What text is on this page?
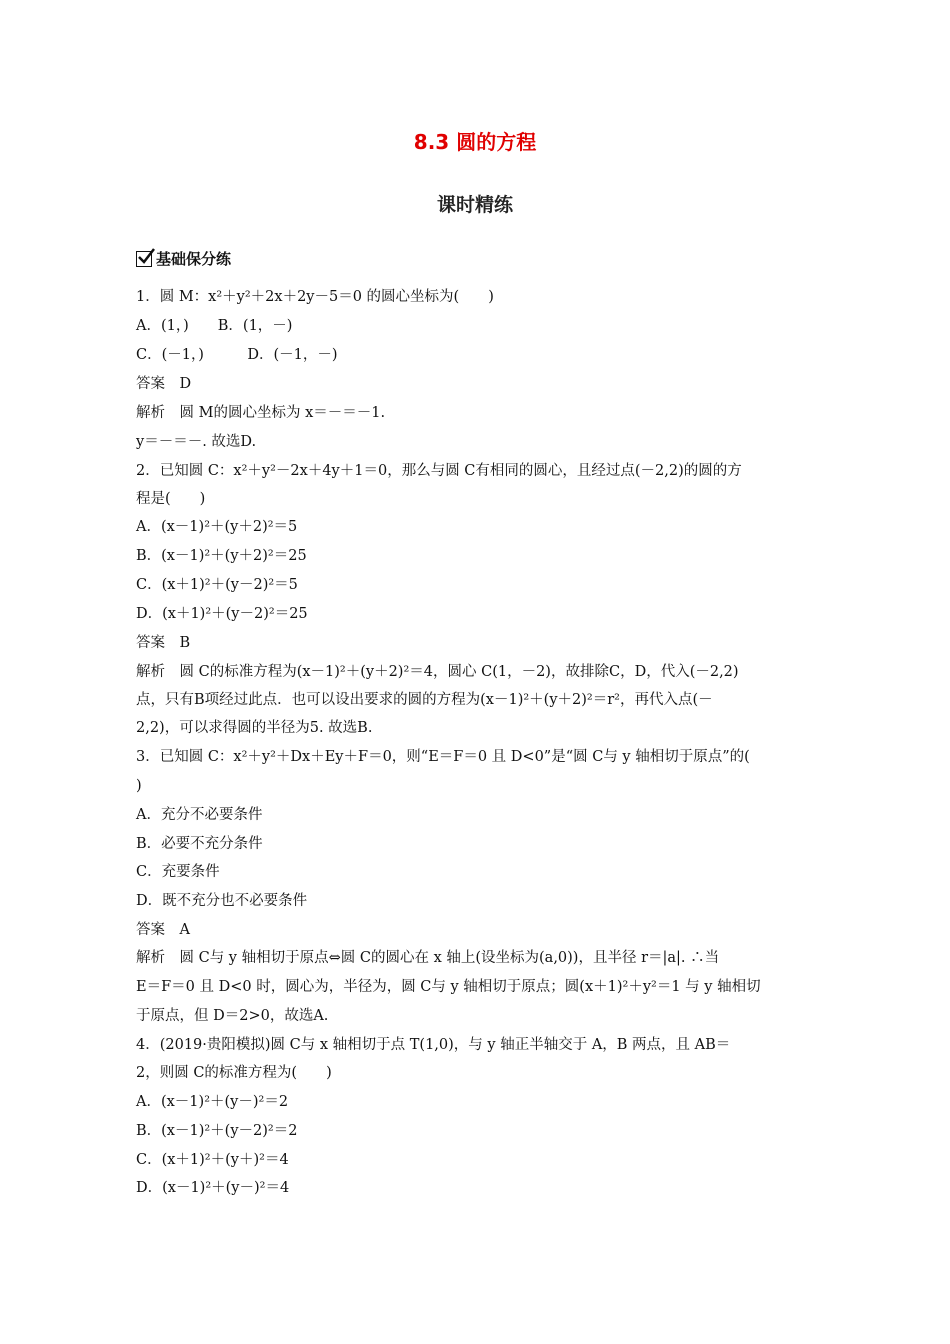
8.3 圆的方程
课时精练
基础保分练
1．圆 M：x²＋y²＋2x＋2y－5＝0 的圆心坐标为(　　)
A．(1，)　　B．(1，－)
C．(－1，)　　　D．(－1，－)
答案　D
解析　圆 M的圆心坐标为 x＝－＝－1.
y＝－＝－. 故选D.
2．已知圆 C：x²＋y²－2x＋4y＋1＝0，那么与圆 C有相同的圆心，且经过点(－2,2)的圆的方
程是(　　)
A．(x－1)²＋(y＋2)²＝5
B．(x－1)²＋(y＋2)²＝25
C．(x＋1)²＋(y－2)²＝5
D．(x＋1)²＋(y－2)²＝25
答案　B
解析　圆 C的标准方程为(x－1)²＋(y＋2)²＝4，圆心 C(1，－2)，故排除C，D，代入(－2,2)
点，只有B项经过此点．也可以设出要求的圆的方程为(x－1)²＋(y＋2)²＝r²，再代入点(－
2,2)，可以求得圆的半径为5. 故选B.
3．已知圆 C：x²＋y²＋Dx＋Ey＋F＝0，则“E＝F＝0 且 D<0”是“圆 C与 y 轴相切于原点”的(
)
A．充分不必要条件
B．必要不充分条件
C．充要条件
D．既不充分也不必要条件
答案　A
解析　圆 C与 y 轴相切于原点⇔圆 C的圆心在 x 轴上(设坐标为(a,0))，且半径 r＝|a|. ∴当
E＝F＝0 且 D<0 时，圆心为，半径为，圆 C与 y 轴相切于原点；圆(x＋1)²＋y²＝1 与 y 轴相切
于原点，但 D＝2>0，故选A.
4．(2019·贵阳模拟)圆 C与 x 轴相切于点 T(1,0)，与 y 轴正半轴交于 A，B 两点，且 AB＝
2，则圆 C的标准方程为(　　)
A．(x－1)²＋(y－)²＝2
B．(x－1)²＋(y－2)²＝2
C．(x＋1)²＋(y＋)²＝4
D．(x－1)²＋(y－)²＝4
